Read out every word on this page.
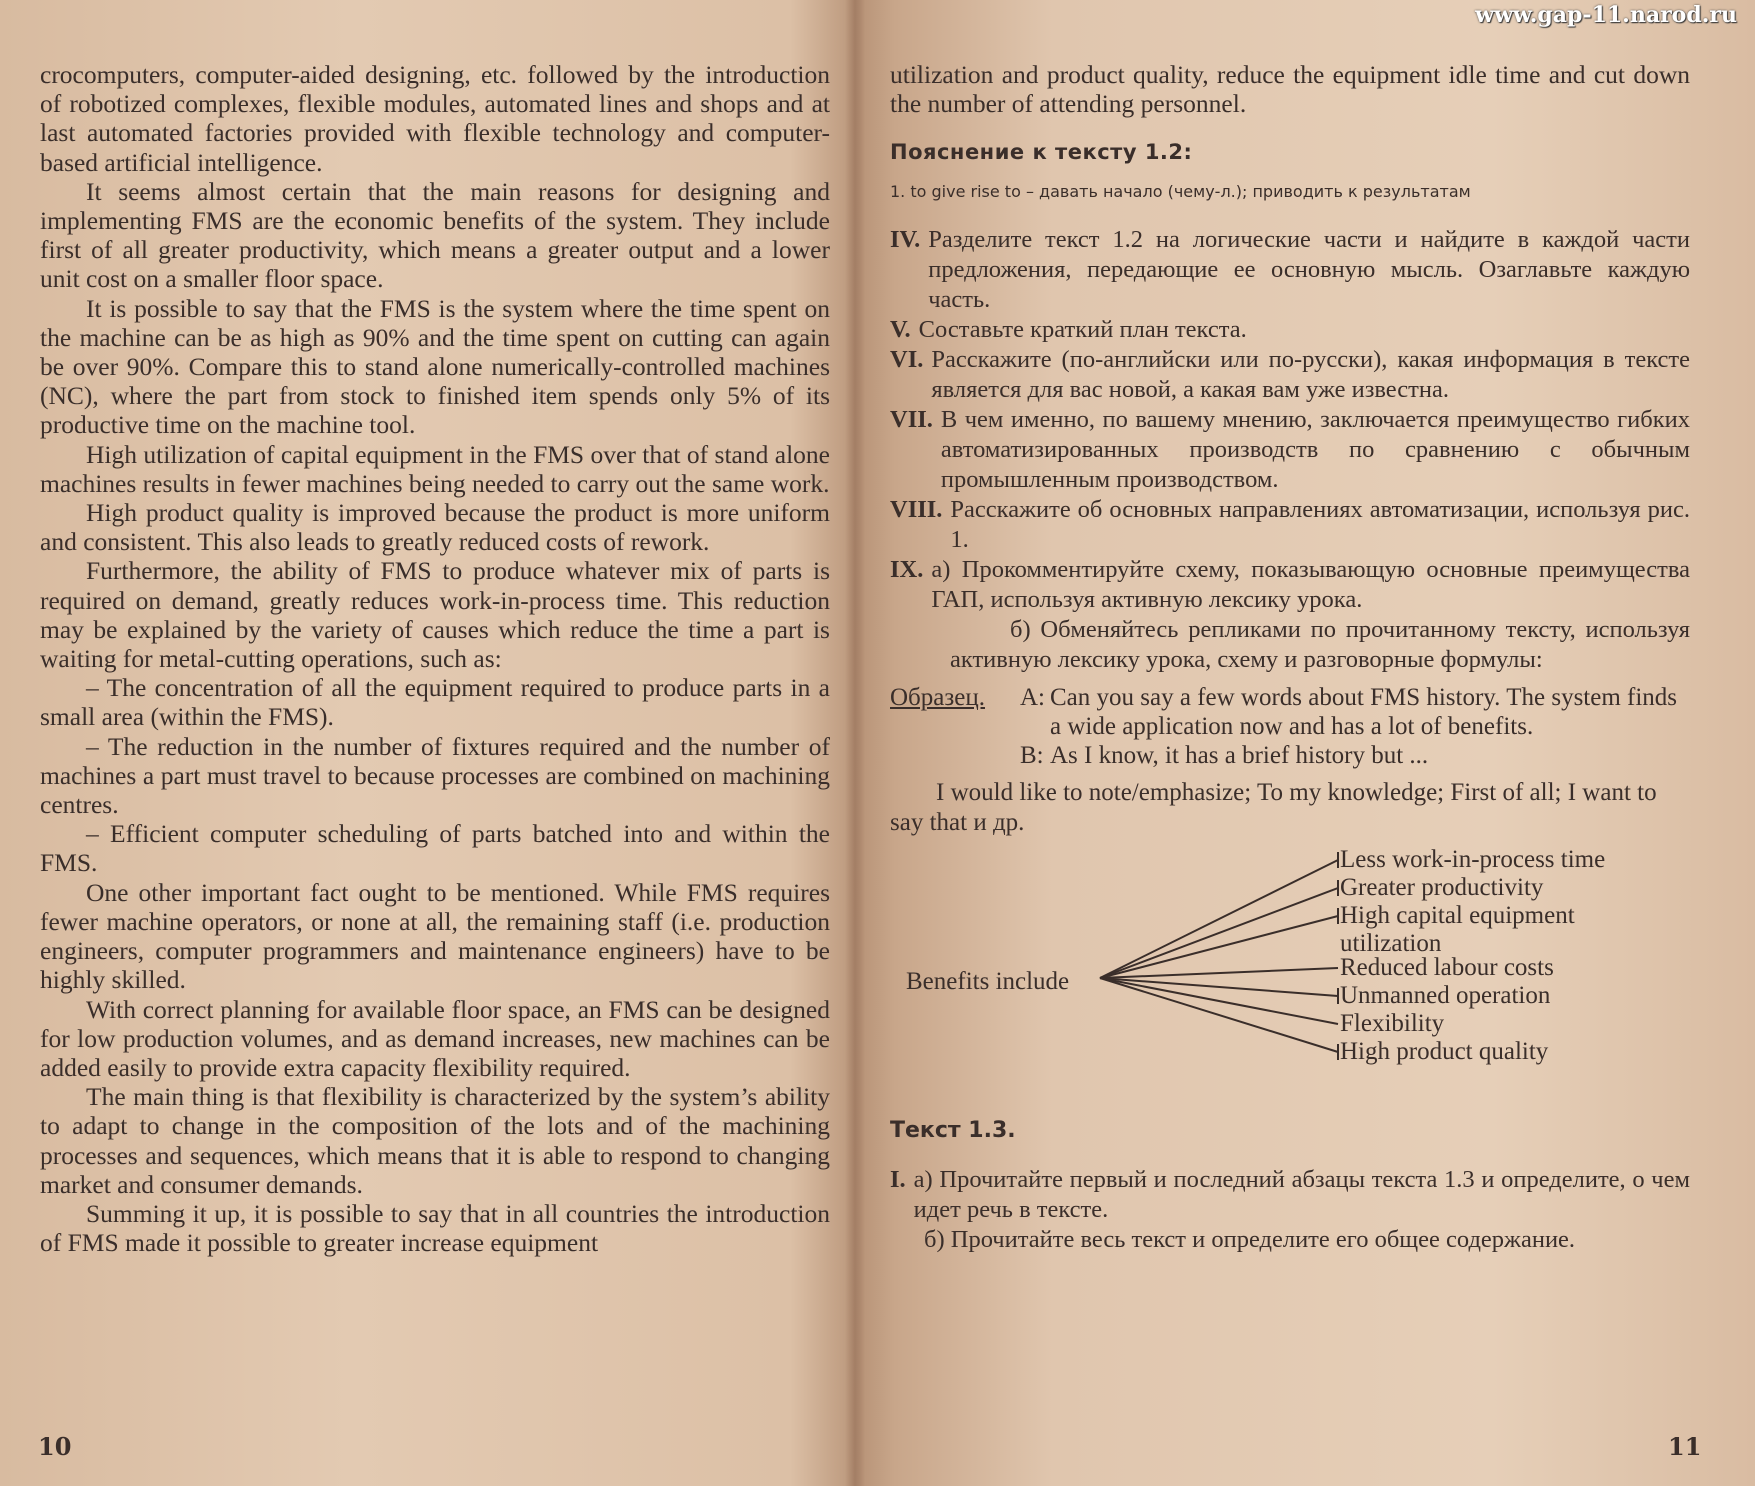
www.gap-11.narod.ru

crocomputers, computer-aided designing, etc. followed by the introduction of robotized complexes, flexible modules, automated lines and shops and at last automated factories provided with flexible technology and computer-based artificial intelligence.

It seems almost certain that the main reasons for designing and implementing FMS are the economic benefits of the system. They include first of all greater productivity, which means a greater output and a lower unit cost on a smaller floor space.

It is possible to say that the FMS is the system where the time spent on the machine can be as high as 90% and the time spent on cutting can again be over 90%. Compare this to stand alone numerically-controlled machines (NC), where the part from stock to finished item spends only 5% of its productive time on the machine tool.

High utilization of capital equipment in the FMS over that of stand alone machines results in fewer machines being needed to carry out the same work.

High product quality is improved because the product is more uniform and consistent. This also leads to greatly reduced costs of rework.

Furthermore, the ability of FMS to produce whatever mix of parts is required on demand, greatly reduces work-in-process time. This reduction may be explained by the variety of causes which reduce the time a part is waiting for metal-cutting operations, such as:

– The concentration of all the equipment required to produce parts in a small area (within the FMS).

– The reduction in the number of fixtures required and the number of machines a part must travel to because processes are combined on machining centres.

– Efficient computer scheduling of parts batched into and within the FMS.

One other important fact ought to be mentioned. While FMS requires fewer machine operators, or none at all, the remaining staff (i.e. production engineers, computer programmers and maintenance engineers) have to be highly skilled.

With correct planning for available floor space, an FMS can be designed for low production volumes, and as demand increases, new machines can be added easily to provide extra capacity flexibility required.

The main thing is that flexibility is characterized by the system’s ability to adapt to change in the composition of the lots and of the machining processes and sequences, which means that it is able to respond to changing market and consumer demands.

Summing it up, it is possible to say that in all countries the introduction of FMS made it possible to greater increase equipment

10

utilization and product quality, reduce the equipment idle time and cut down the number of attending personnel.

Пояснение к тексту 1.2:
1. to give rise to – давать начало (чему-л.); приводить к результатам
IV. Разделите текст 1.2 на логические части и найдите в каждой части предложения, передающие ее основную мысль. Озаглавьте каждую часть.
V. Составьте краткий план текста.
VI. Расскажите (по-английски или по-русски), какая информация в тексте является для вас новой, а какая вам уже известна.
VII. В чем именно, по вашему мнению, заключается преимущество гибких автоматизированных производств по сравнению с обычным промышленным производством.
VIII. Расскажите об основных направлениях автоматизации, используя рис. 1.
IX. а) Прокомментируйте схему, показывающую основные преимущества ГАП, используя активную лексику урока.
б) Обменяйтесь репликами по прочитанному тексту, используя активную лексику урока, схему и разговорные формулы:
Образец.	A: Can you say a few words about FMS history. The system finds a wide application now and has a lot of benefits.
B: As I know, it has a brief history but ...
I would like to note/emphasize; To my knowledge; First of all; I want to say that и др.
Benefits include
Less work-in-process time
Greater productivity
High capital equipment utilization
Reduced labour costs
Unmanned operation
Flexibility
High product quality
Текст 1.3.
I. а) Прочитайте первый и последний абзацы текста 1.3 и определите, о чем идет речь в тексте.
б) Прочитайте весь текст и определите его общее содержание.
11
